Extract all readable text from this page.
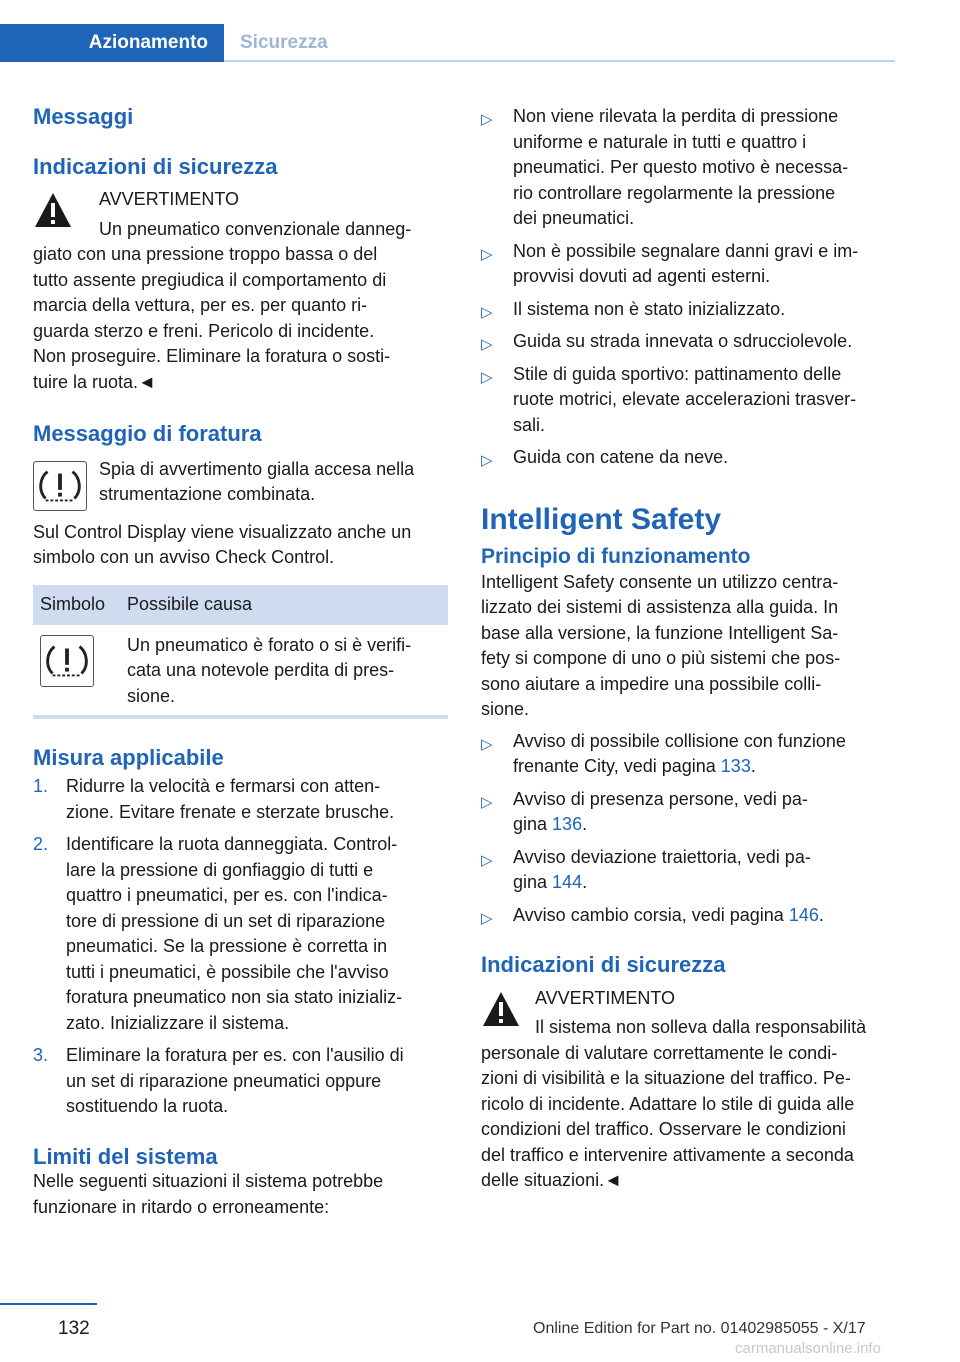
Azionamento	Sicurezza
Messaggi
Indicazioni di sicurezza

AVVERTIMENTO

Un pneumatico convenzionale danneg-

giato con una pressione troppo bassa o del

tutto assente pregiudica il comportamento di

marcia della vettura, per es. per quanto ri-

guarda sterzo e freni. Pericolo di incidente.

Non proseguire. Eliminare la foratura o sosti-

tuire la ruota.◄

Messaggio di foratura

Spia di avvertimento gialla accesa nella

strumentazione combinata.

Sul Control Display viene visualizzato anche un

simbolo con un avviso Check Control.

Simbolo Possibile causa

Un pneumatico è forato o si è verifi-

cata una notevole perdita di pres-

sione.

Misura applicabile
1. Ridurre la velocità e fermarsi con atten-

zione. Evitare frenate e sterzate brusche.

2. Identificare la ruota danneggiata. Control-

lare la pressione di gonfiaggio di tutti e

quattro i pneumatici, per es. con l'indica-

tore di pressione di un set di riparazione

pneumatici. Se la pressione è corretta in

tutti i pneumatici, è possibile che l'avviso

foratura pneumatico non sia stato inizializ-

zato. Inizializzare il sistema.

3. Eliminare la foratura per es. con l'ausilio di

un set di riparazione pneumatici oppure

sostituendo la ruota.

Limiti del sistema

Nelle seguenti situazioni il sistema potrebbe

funzionare in ritardo o erroneamente:

▷ Non viene rilevata la perdita di pressione

uniforme e naturale in tutti e quattro i

pneumatici. Per questo motivo è necessa-

rio controllare regolarmente la pressione

dei pneumatici.

▷ Non è possibile segnalare danni gravi e im-

provvisi dovuti ad agenti esterni.

▷ Il sistema non è stato inizializzato.

▷ Guida su strada innevata o sdrucciolevole.

▷ Stile di guida sportivo: pattinamento delle

ruote motrici, elevate accelerazioni trasver-

sali.

▷ Guida con catene da neve.

Intelligent Safety
Principio di funzionamento

Intelligent Safety consente un utilizzo centra-

lizzato dei sistemi di assistenza alla guida. In

base alla versione, la funzione Intelligent Sa-

fety si compone di uno o più sistemi che pos-

sono aiutare a impedire una possibile colli-

sione.

▷ Avviso di possibile collisione con funzione

frenante City, vedi pagina 133.

▷ Avviso di presenza persone, vedi pa-

gina 136.

▷ Avviso deviazione traiettoria, vedi pa-

gina 144.

▷ Avviso cambio corsia, vedi pagina 146.

Indicazioni di sicurezza

AVVERTIMENTO

Il sistema non solleva dalla responsabilità

personale di valutare correttamente le condi-

zioni di visibilità e la situazione del traffico. Pe-

ricolo di incidente. Adattare lo stile di guida alle

condizioni del traffico. Osservare le condizioni

del traffico e intervenire attivamente a seconda

delle situazioni.◄

132	Online Edition for Part no. 01402985055 - X/17
carmanualsonline.info
